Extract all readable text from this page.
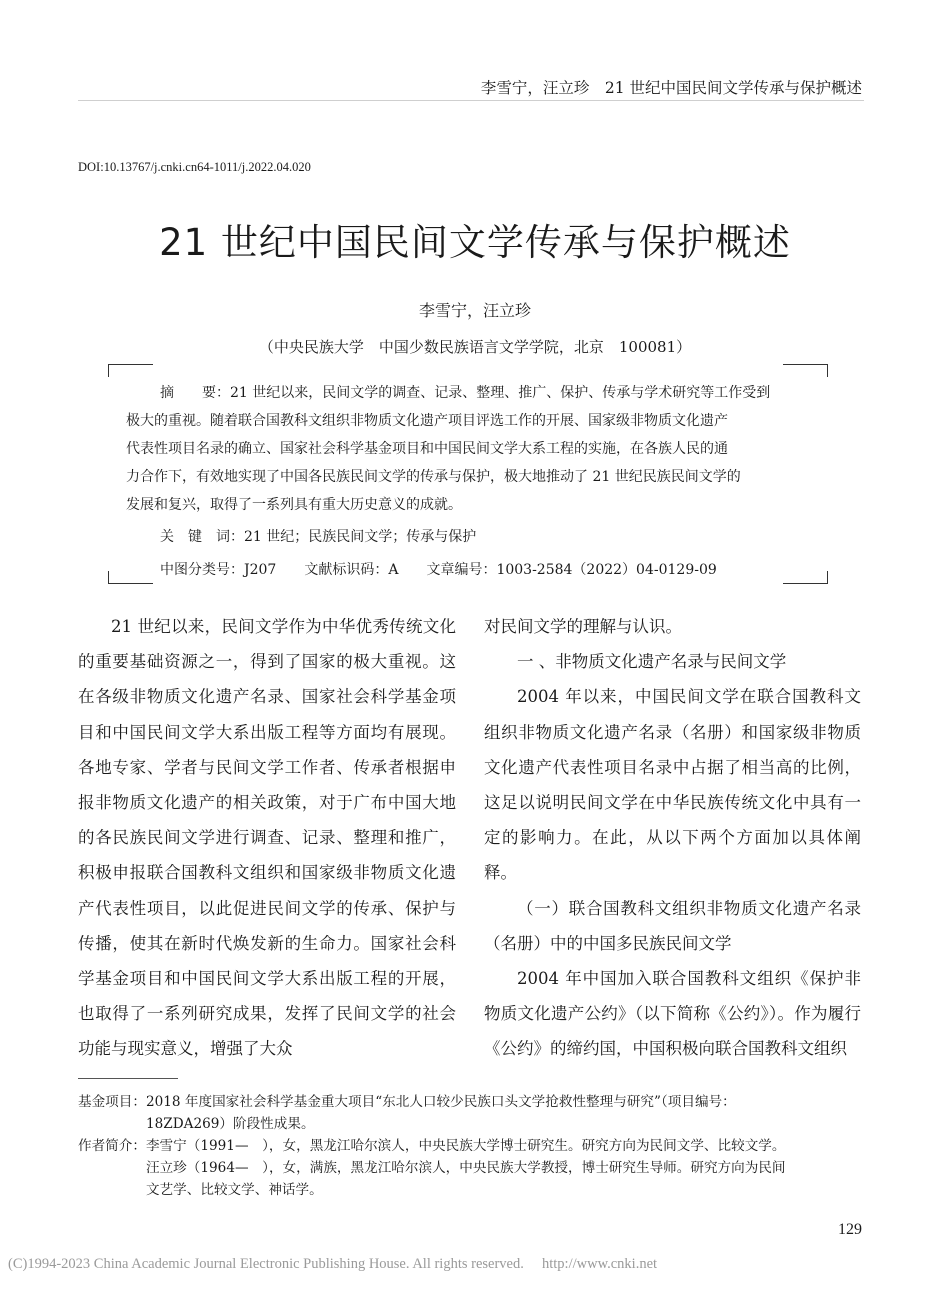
李雪宁，汪立珍　21 世纪中国民间文学传承与保护概述
DOI:10.13767/j.cnki.cn64-1011/j.2022.04.020
21 世纪中国民间文学传承与保护概述
李雪宁，汪立珍
（中央民族大学　中国少数民族语言文学学院，北京　100081）
摘　　要：21 世纪以来，民间文学的调查、记录、整理、推广、保护、传承与学术研究等工作受到
极大的重视。随着联合国教科文组织非物质文化遗产项目评选工作的开展、国家级非物质文化遗产
代表性项目名录的确立、国家社会科学基金项目和中国民间文学大系工程的实施，在各族人民的通
力合作下，有效地实现了中国各民族民间文学的传承与保护，极大地推动了 21 世纪民族民间文学的
发展和复兴，取得了一系列具有重大历史意义的成就。
关　键　词：21 世纪；民族民间文学；传承与保护
中图分类号：J207　　文献标识码：A　　文章编号：1003-2584（2022）04-0129-09

21 世纪以来，民间文学作为中华优秀传统文化的重要基础资源之一，得到了国家的极大重视。这在各级非物质文化遗产名录、国家社会科学基金项目和中国民间文学大系出版工程等方面均有展现。各地专家、学者与民间文学工作者、传承者根据申报非物质文化遗产的相关政策，对于广布中国大地的各民族民间文学进行调查、记录、整理和推广，积极申报联合国教科文组织和国家级非物质文化遗产代表性项目，以此促进民间文学的传承、保护与传播，使其在新时代焕发新的生命力。国家社会科学基金项目和中国民间文学大系出版工程的开展，也取得了一系列研究成果，发挥了民间文学的社会功能与现实意义，增强了大众

对民间文学的理解与认识。

一 、非物质文化遗产名录与民间文学

2004 年以来，中国民间文学在联合国教科文组织非物质文化遗产名录（名册）和国家级非物质文化遗产代表性项目名录中占据了相当高的比例，这足以说明民间文学在中华民族传统文化中具有一定的影响力。在此，从以下两个方面加以具体阐释。

（一）联合国教科文组织非物质文化遗产名录（名册）中的中国多民族民间文学

2004 年中国加入联合国教科文组织《保护非物质文化遗产公约》（以下简称《公约》）。作为履行《公约》的缔约国，中国积极向联合国教科文组织

基金项目：2018 年度国家社会科学基金重大项目“东北人口较少民族口头文学抢救性整理与研究”（项目编号：
18ZDA269）阶段性成果。
作者简介：李雪宁（1991—　），女，黑龙江哈尔滨人，中央民族大学博士研究生。研究方向为民间文学、比较文学。
汪立珍（1964—　），女，满族，黑龙江哈尔滨人，中央民族大学教授，博士研究生导师。研究方向为民间
文艺学、比较文学、神话学。
129
(C)1994-2023 China Academic Journal Electronic Publishing House. All rights reserved.　 http://www.cnki.net
